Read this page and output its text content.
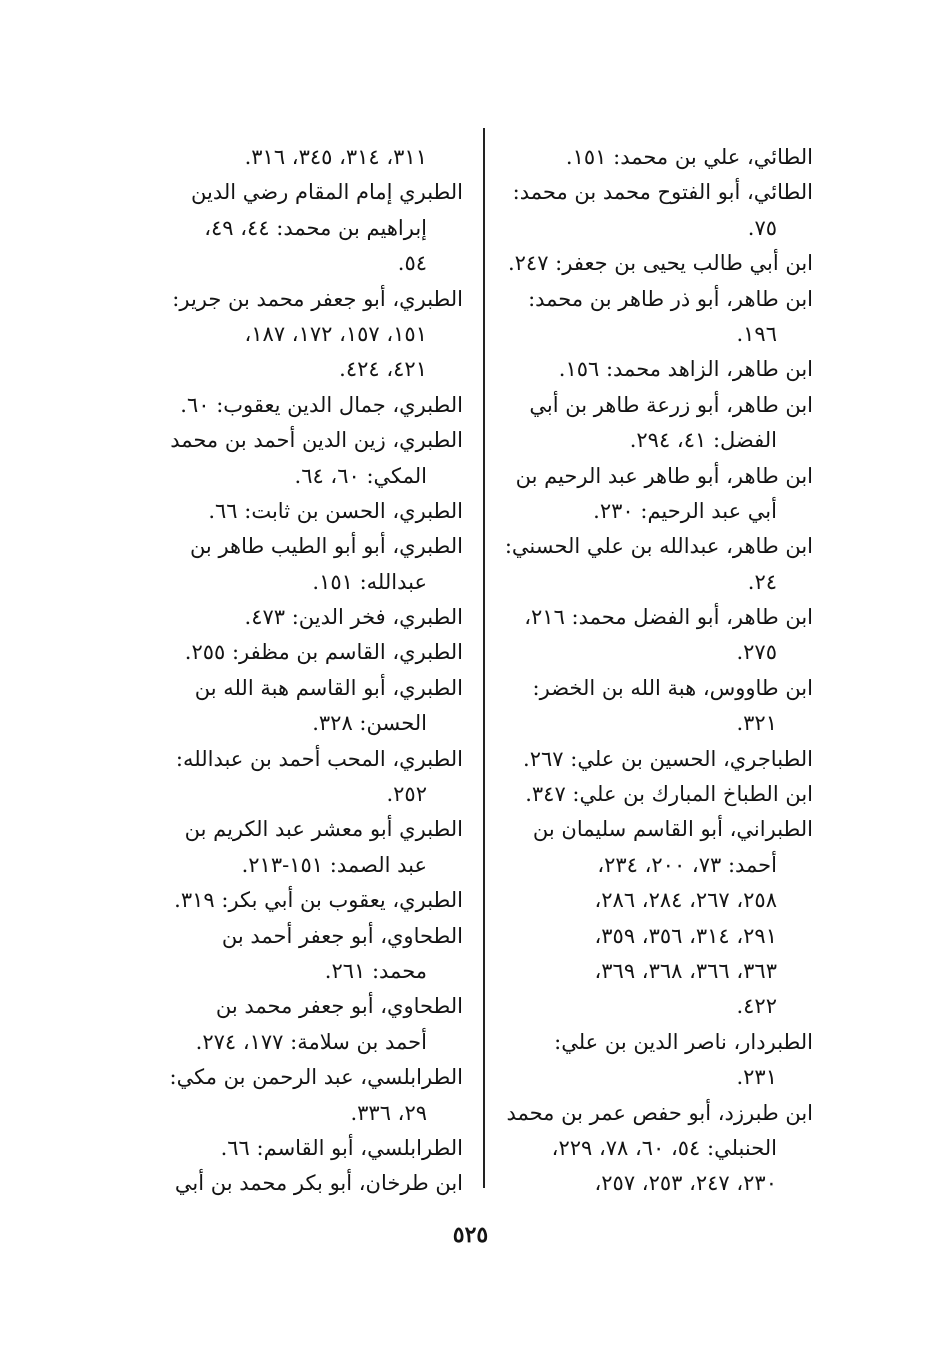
الطائي، علي بن محمد: ١٥١.
الطائي، أبو الفتوح محمد بن محمد:
٧٥.
ابن أبي طالب يحيى بن جعفر: ٢٤٧.
ابن طاهر، أبو ذر طاهر بن محمد:
١٩٦.
ابن طاهر، الزاهد محمد: ١٥٦.
ابن طاهر، أبو زرعة طاهر بن أبي
الفضل: ٤١، ٢٩٤.
ابن طاهر، أبو طاهر عبد الرحيم بن
أبي عبد الرحيم: ٢٣٠.
ابن طاهر، عبدالله بن علي الحسني:
٢٤.
ابن طاهر، أبو الفضل محمد: ٢١٦،
٢٧٥.
ابن طاووس، هبة الله بن الخضر:
٣٢١.
الطباجري، الحسين بن علي: ٢٦٧.
ابن الطباخ المبارك بن علي: ٣٤٧.
الطبراني، أبو القاسم سليمان بن
أحمد: ٧٣، ٢٠٠، ٢٣٤،
٢٥٨، ٢٦٧، ٢٨٤، ٢٨٦،
٢٩١، ٣١٤، ٣٥٦، ٣٥٩،
٣٦٣، ٣٦٦، ٣٦٨، ٣٦٩،
٤٢٢.
الطبردار، ناصر الدين بن علي:
٢٣١.
ابن طبرزد، أبو حفص عمر بن محمد
الحنبلي: ٥٤، ٦٠، ٧٨، ٢٢٩،
٢٣٠، ٢٤٧، ٢٥٣، ٢٥٧،
٣١١، ٣١٤، ٣٤٥، ٣١٦.
الطبري إمام المقام رضي الدين
إبراهيم بن محمد: ٤٤، ٤٩،
٥٤.
الطبري، أبو جعفر محمد بن جرير:
١٥١، ١٥٧، ١٧٢، ١٨٧،
٤٢١، ٤٢٤.
الطبري، جمال الدين يعقوب: ٦٠.
الطبري، زين الدين أحمد بن محمد
المكي: ٦٠، ٦٤.
الطبري، الحسن بن ثابت: ٦٦.
الطبري، أبو أبو الطيب طاهر بن
عبدالله: ١٥١.
الطبري، فخر الدين: ٤٧٣.
الطبري، القاسم بن مظفر: ٢٥٥.
الطبري، أبو القاسم هبة الله بن
الحسن: ٣٢٨.
الطبري، المحب أحمد بن عبدالله:
٢٥٢.
الطبري أبو معشر عبد الكريم بن
عبد الصمد: ١٥١-٢١٣.
الطبري، يعقوب بن أبي بكر: ٣١٩.
الطحاوي، أبو جعفر أحمد بن
محمد: ٢٦١.
الطحاوي، أبو جعفر محمد بن
أحمد بن سلامة: ١٧٧، ٢٧٤.
الطرابلسي، عبد الرحمن بن مكي:
٢٩، ٣٣٦.
الطرابلسي، أبو القاسم: ٦٦.
ابن طرخان، أبو بكر محمد بن أبي
٥٢٥
